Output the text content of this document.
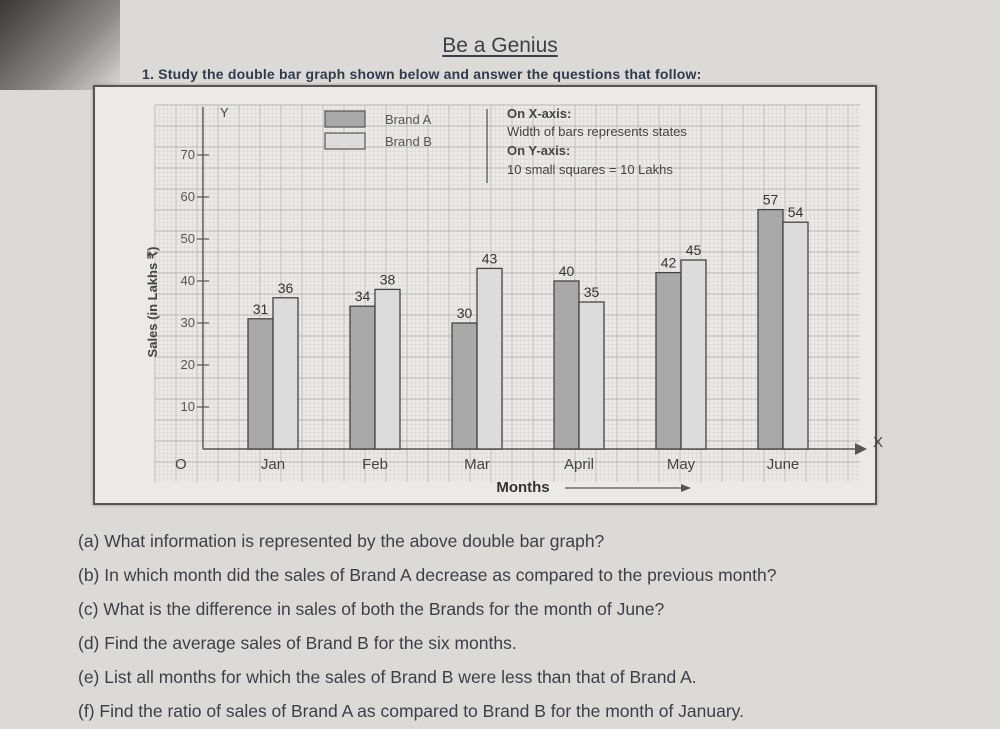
Be a Genius
1. Study the double bar graph shown below and answer the questions that follow:
X
Y
O
10
20
30
40
50
60
70
Sales (in Lakhs ₹)	31
36
Jan
34
38
Feb
30
43
Mar
40
35
April
42
45
May
57
54
June
Months
Brand A
Brand B
On X-axis:
Width of bars represents states
On Y-axis:
10 small squares = 10 Lakhs
(a) What information is represented by the above double bar graph?
(b) In which month did the sales of Brand A decrease as compared to the previous month?
(c) What is the difference in sales of both the Brands for the month of June?
(d) Find the average sales of Brand B for the six months.
(e) List all months for which the sales of Brand B were less than that of Brand A.
(f) Find the ratio of sales of Brand A as compared to Brand B for the month of January.
